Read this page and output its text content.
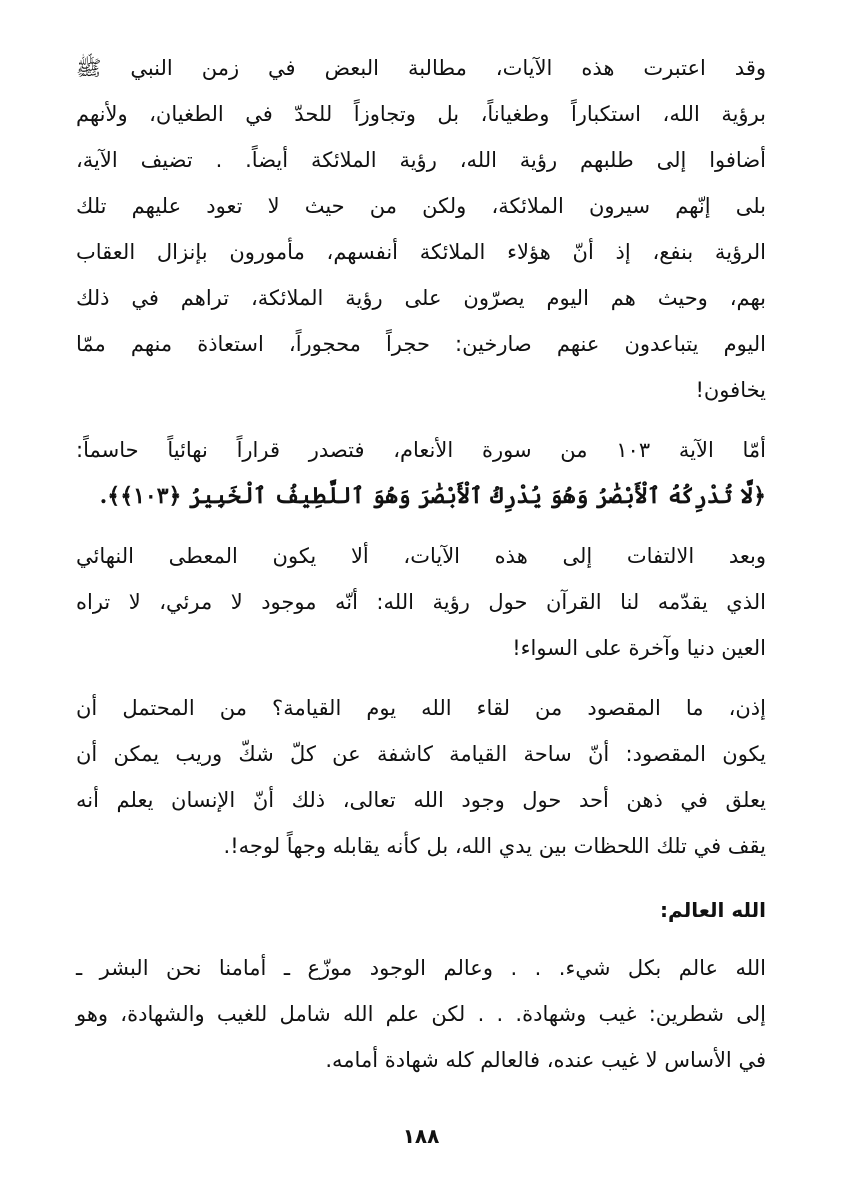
وقد اعتبرت هذه الآيات، مطالبة البعض في زمن النبي ﷺ
برؤية الله، استكباراً وطغياناً، بل وتجاوزاً للحدّ في الطغيان، ولأنهم
أضافوا إلى طلبهم رؤية الله، رؤية الملائكة أيضاً. . تضيف الآية،
بلى إنّهم سيرون الملائكة، ولكن من حيث لا تعود عليهم تلك
الرؤية بنفع، إذ أنّ هؤلاء الملائكة أنفسهم، مأمورون بإنزال العقاب
بهم، وحيث هم اليوم يصرّون على رؤية الملائكة، تراهم في ذلك
اليوم يتباعدون عنهم صارخين: حجراً محجوراً، استعاذة منهم ممّا
يخافون!
أمّا الآية ١٠٣ من سورة الأنعام، فتصدر قراراً نهائياً حاسماً:
﴿لَّا تُدْرِكُهُ ٱلْأَبْصَٰرُ وَهُوَ يُدْرِكُ ٱلْأَبْصَٰرَ وَهُوَ ٱللَّطِيفُ ٱلْخَبِيرُ ﴿١٠٣﴾﴾.
وبعد الالتفات إلى هذه الآيات، ألا يكون المعطى النهائي
الذي يقدّمه لنا القرآن حول رؤية الله: أنّه موجود لا مرئي، لا تراه
العين دنيا وآخرة على السواء!
إذن، ما المقصود من لقاء الله يوم القيامة؟ من المحتمل أن
يكون المقصود: أنّ ساحة القيامة كاشفة عن كلّ شكّ وريب يمكن أن
يعلق في ذهن أحد حول وجود الله تعالى، ذلك أنّ الإنسان يعلم أنه
يقف في تلك اللحظات بين يدي الله، بل كأنه يقابله وجهاً لوجه!.
الله العالم:
الله عالم بكل شيء. . . وعالم الوجود موزّع ـ أمامنا نحن البشر ـ
إلى شطرين: غيب وشهادة. . . لكن علم الله شامل للغيب والشهادة، وهو
في الأساس لا غيب عنده، فالعالم كله شهادة أمامه.
١٨٨
